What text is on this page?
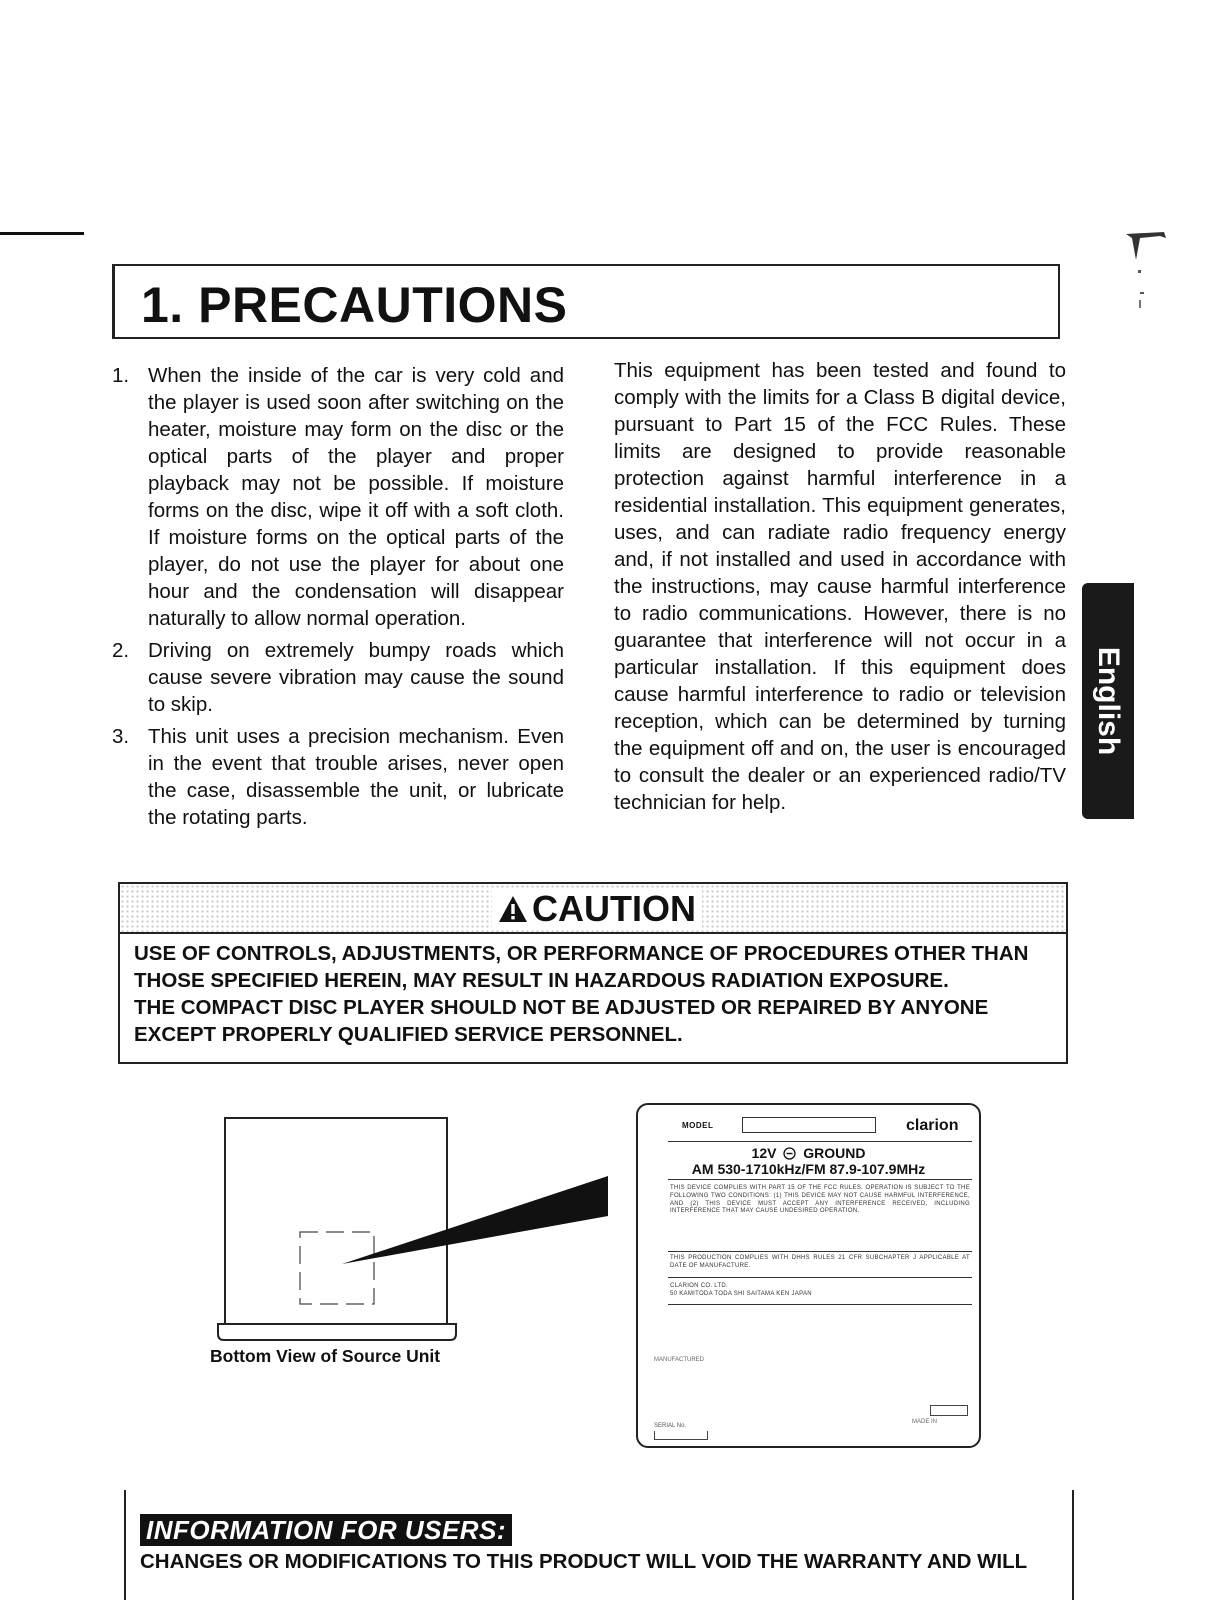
1. PRECAUTIONS
1. When the inside of the car is very cold and the player is used soon after switching on the heater, moisture may form on the disc or the optical parts of the player and proper playback may not be possible. If moisture forms on the disc, wipe it off with a soft cloth. If moisture forms on the optical parts of the player, do not use the player for about one hour and the condensation will disappear naturally to allow normal operation.
2. Driving on extremely bumpy roads which cause severe vibration may cause the sound to skip.
3. This unit uses a precision mechanism. Even in the event that trouble arises, never open the case, disassemble the unit, or lubricate the rotating parts.
This equipment has been tested and found to comply with the limits for a Class B digital device, pursuant to Part 15 of the FCC Rules. These limits are designed to provide reasonable protection against harmful interference in a residential installation. This equipment generates, uses, and can radiate radio frequency energy and, if not installed and used in accordance with the instructions, may cause harmful interference to radio communications. However, there is no guarantee that interference will not occur in a particular installation. If this equipment does cause harmful interference to radio or television reception, which can be determined by turning the equipment off and on, the user is encouraged to consult the dealer or an experienced radio/TV technician for help.
English
CAUTION
USE OF CONTROLS, ADJUSTMENTS, OR PERFORMANCE OF PROCEDURES OTHER THAN
THOSE SPECIFIED HEREIN, MAY RESULT IN HAZARDOUS RADIATION EXPOSURE.
THE COMPACT DISC PLAYER SHOULD NOT BE ADJUSTED OR REPAIRED BY ANYONE
EXCEPT PROPERLY QUALIFIED SERVICE PERSONNEL.
Bottom View of Source Unit
MODEL	clarion
12V GROUND
AM 530-1710kHz/FM 87.9-107.9MHz
THIS DEVICE COMPLIES WITH PART 15 OF THE FCC RULES. OPERATION IS SUBJECT TO THE FOLLOWING TWO CONDITIONS: (1) THIS DEVICE MAY NOT CAUSE HARMFUL INTERFERENCE, AND (2) THIS DEVICE MUST ACCEPT ANY INTERFERENCE RECEIVED, INCLUDING INTERFERENCE THAT MAY CAUSE UNDESIRED OPERATION.
THIS PRODUCTION COMPLIES WITH DHHS RULES 21 CFR SUBCHAPTER J APPLICABLE AT DATE OF MANUFACTURE.
CLARION CO. LTD.
50 KAMITODA TODA SHI SAITAMA KEN JAPAN
MANUFACTURED
MADE IN
SERIAL No.
INFORMATION FOR USERS:
CHANGES OR MODIFICATIONS TO THIS PRODUCT WILL VOID THE WARRANTY AND WILL
